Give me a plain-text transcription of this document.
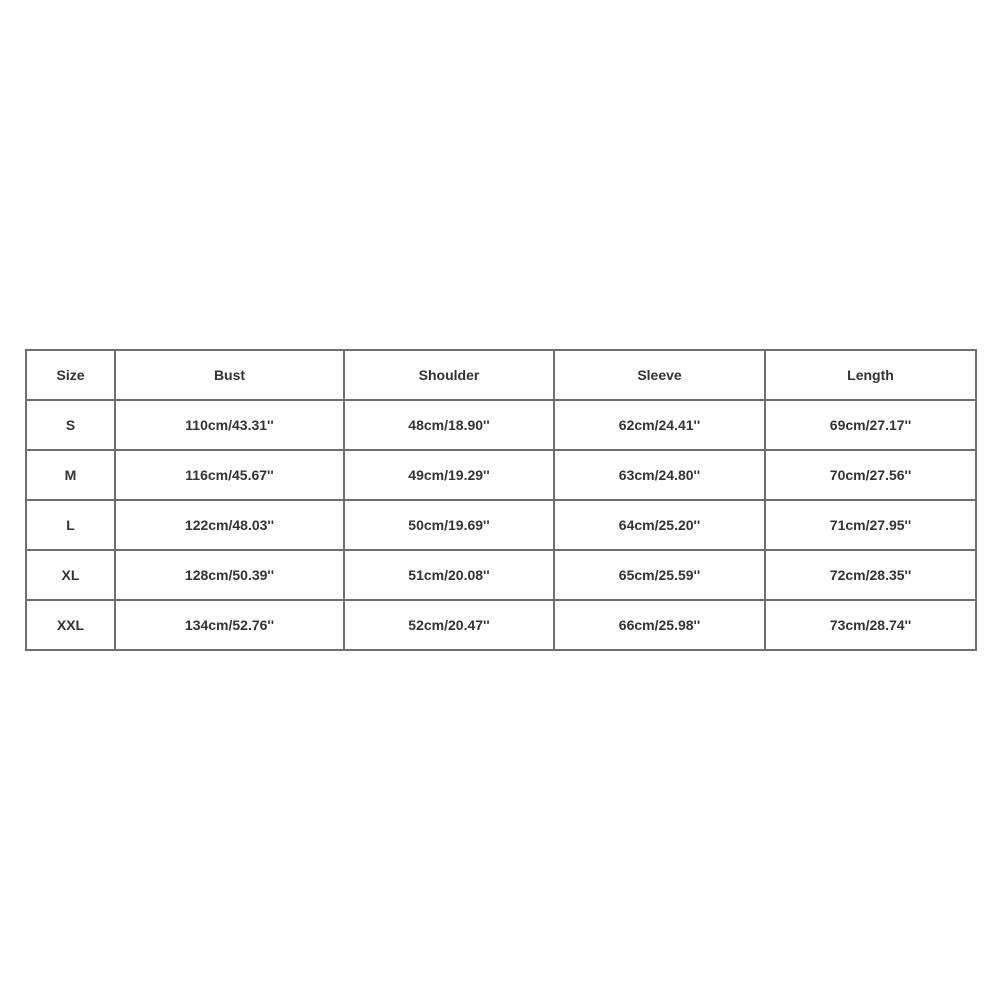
Size	Bust	Shoulder	Sleeve	Length
S	110cm/43.31''	48cm/18.90''	62cm/24.41''	69cm/27.17''
M	116cm/45.67''	49cm/19.29''	63cm/24.80''	70cm/27.56''
L	122cm/48.03''	50cm/19.69''	64cm/25.20''	71cm/27.95''
XL	128cm/50.39''	51cm/20.08''	65cm/25.59''	72cm/28.35''
XXL	134cm/52.76''	52cm/20.47''	66cm/25.98''	73cm/28.74''
